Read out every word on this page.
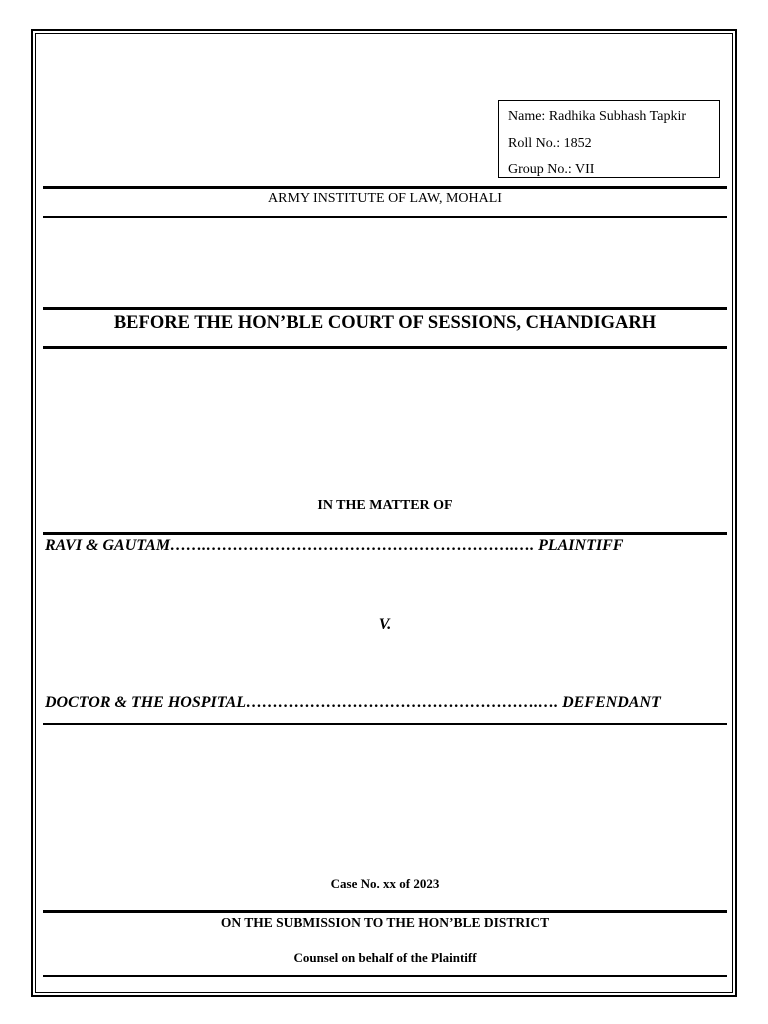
Name: Radhika Subhash Tapkir
Roll No.: 1852
Group No.: VII
ARMY INSTITUTE OF LAW, MOHALI
BEFORE THE HON’BLE COURT OF SESSIONS, CHANDIGARH
IN THE MATTER OF
RAVI & GAUTAM…….………………………………………………….…. PLAINTIFF
V.
DOCTOR & THE HOSPITAL……………………………………………….…. DEFENDANT
Case No. xx of 2023
ON THE SUBMISSION TO THE HON’BLE DISTRICT
Counsel on behalf of the Plaintiff
